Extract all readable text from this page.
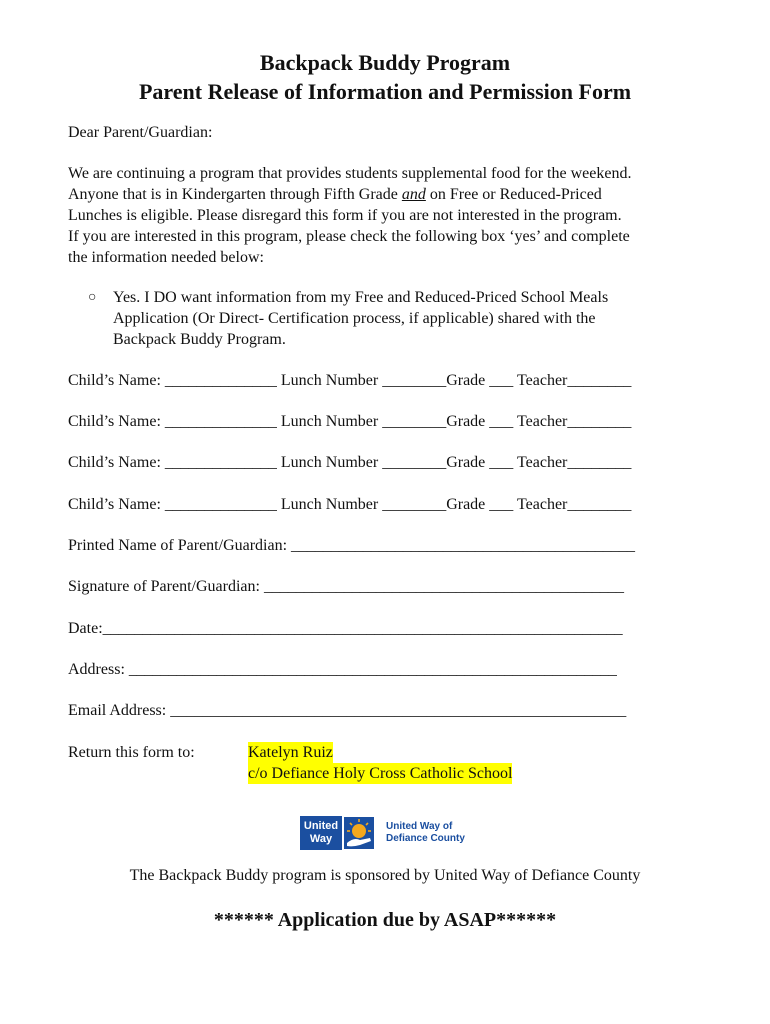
Backpack Buddy Program
Parent Release of Information and Permission Form

Dear Parent/Guardian:

We are continuing a program that provides students supplemental food for the weekend.
Anyone that is in Kindergarten through Fifth Grade and on Free or Reduced-Priced
Lunches is eligible. Please disregard this form if you are not interested in the program.
If you are interested in this program, please check the following box ‘yes’ and complete
the information needed below:

○ Yes. I DO want information from my Free and Reduced-Priced School Meals
Application (Or Direct- Certification process, if applicable) shared with the
Backpack Buddy Program.

Child’s Name: ______________ Lunch Number ________Grade ___ Teacher________

Child’s Name: ______________ Lunch Number ________Grade ___ Teacher________

Child’s Name: ______________ Lunch Number ________Grade ___ Teacher________

Child’s Name: ______________ Lunch Number ________Grade ___ Teacher________

Printed Name of Parent/Guardian: ___________________________________________

Signature of Parent/Guardian: _____________________________________________

Date:_________________________________________________________________

Address: _____________________________________________________________

Email Address: _________________________________________________________

Return this form to:	Katelyn Ruiz
c/o Defiance Holy Cross Catholic School
United
Way
United Way of
Defiance County
The Backpack Buddy program is sponsored by United Way of Defiance County
****** Application due by ASAP******
